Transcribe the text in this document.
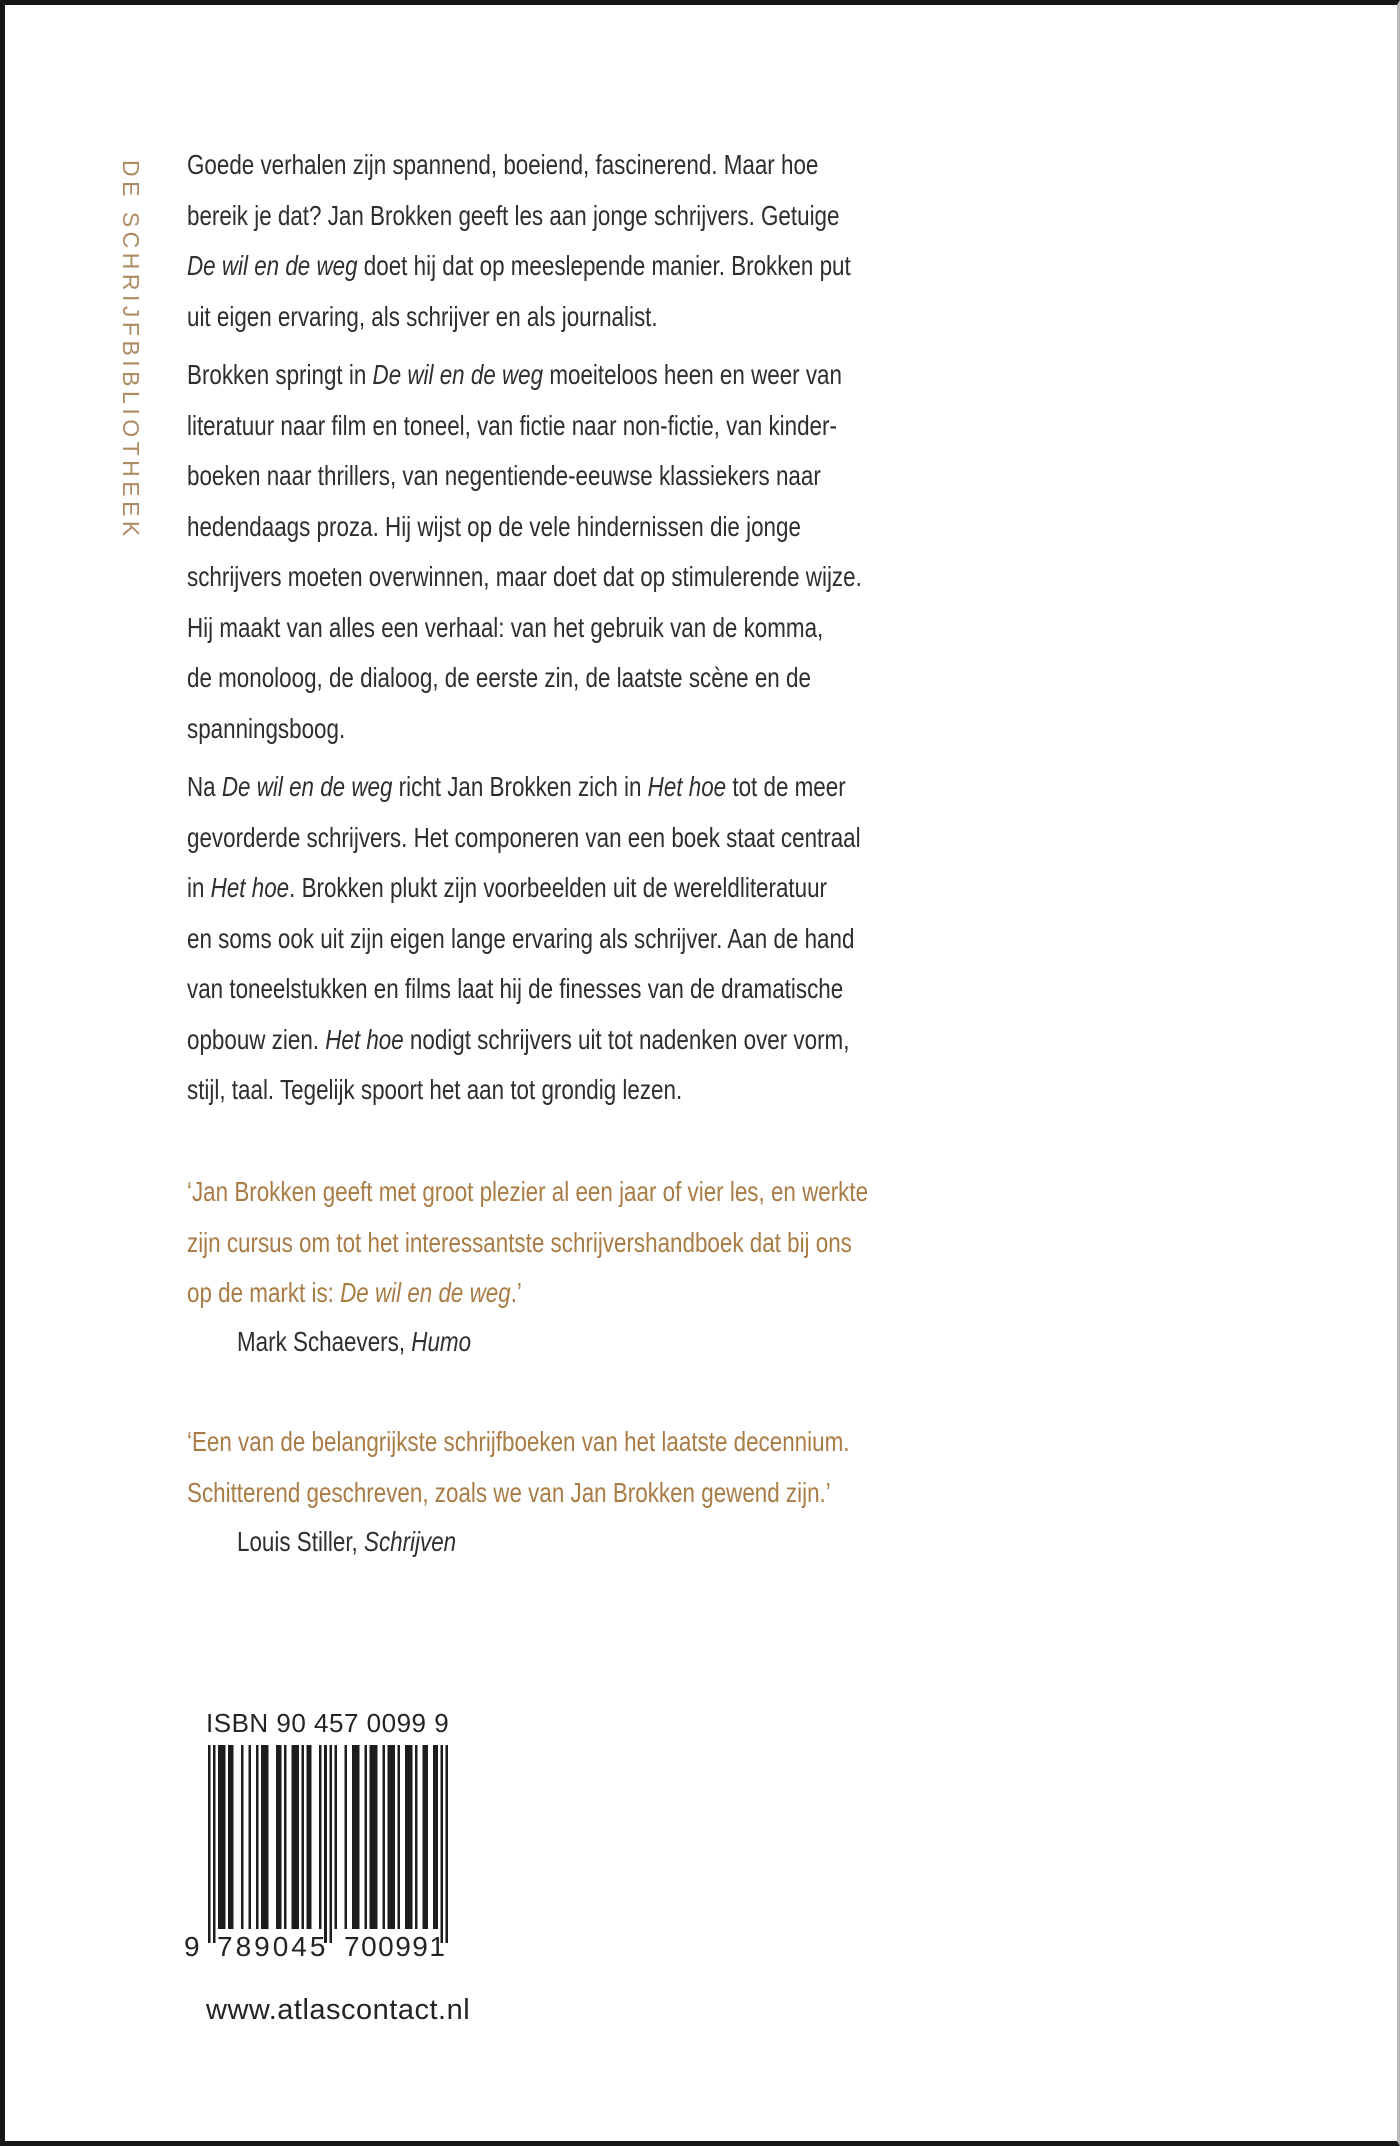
DE SCHRIJFBIBLIOTHEEK Goede verhalen zijn spannend, boeiend, fascinerend. Maar hoe
bereik je dat? Jan Brokken geeft les aan jonge schrijvers. Getuige
De wil en de weg doet hij dat op meeslepende manier. Brokken put
uit eigen ervaring, als schrijver en als journalist.
Brokken springt in De wil en de weg moeiteloos heen en weer van
literatuur naar film en toneel, van fictie naar non-fictie, van kinder-
boeken naar thrillers, van negentiende-eeuwse klassiekers naar
hedendaags proza. Hij wijst op de vele hindernissen die jonge
schrijvers moeten overwinnen, maar doet dat op stimulerende wijze.
Hij maakt van alles een verhaal: van het gebruik van de komma,
de monoloog, de dialoog, de eerste zin, de laatste scène en de
spanningsboog.
Na De wil en de weg richt Jan Brokken zich in Het hoe tot de meer
gevorderde schrijvers. Het componeren van een boek staat centraal
in Het hoe. Brokken plukt zijn voorbeelden uit de wereldliteratuur
en soms ook uit zijn eigen lange ervaring als schrijver. Aan de hand
van toneelstukken en films laat hij de finesses van de dramatische
opbouw zien. Het hoe nodigt schrijvers uit tot nadenken over vorm,
stijl, taal. Tegelijk spoort het aan tot grondig lezen.
‘Jan Brokken geeft met groot plezier al een jaar of vier les, en werkte
zijn cursus om tot het interessantste schrijvershandboek dat bij ons
op de markt is: De wil en de weg.’
Mark Schaevers, Humo
‘Een van de belangrijkste schrijfboeken van het laatste decennium.
Schitterend geschreven, zoals we van Jan Brokken gewend zijn.’
Louis Stiller, Schrijven
ISBN 90 457 0099 9
9 789045 700991
www.atlascontact.nl
